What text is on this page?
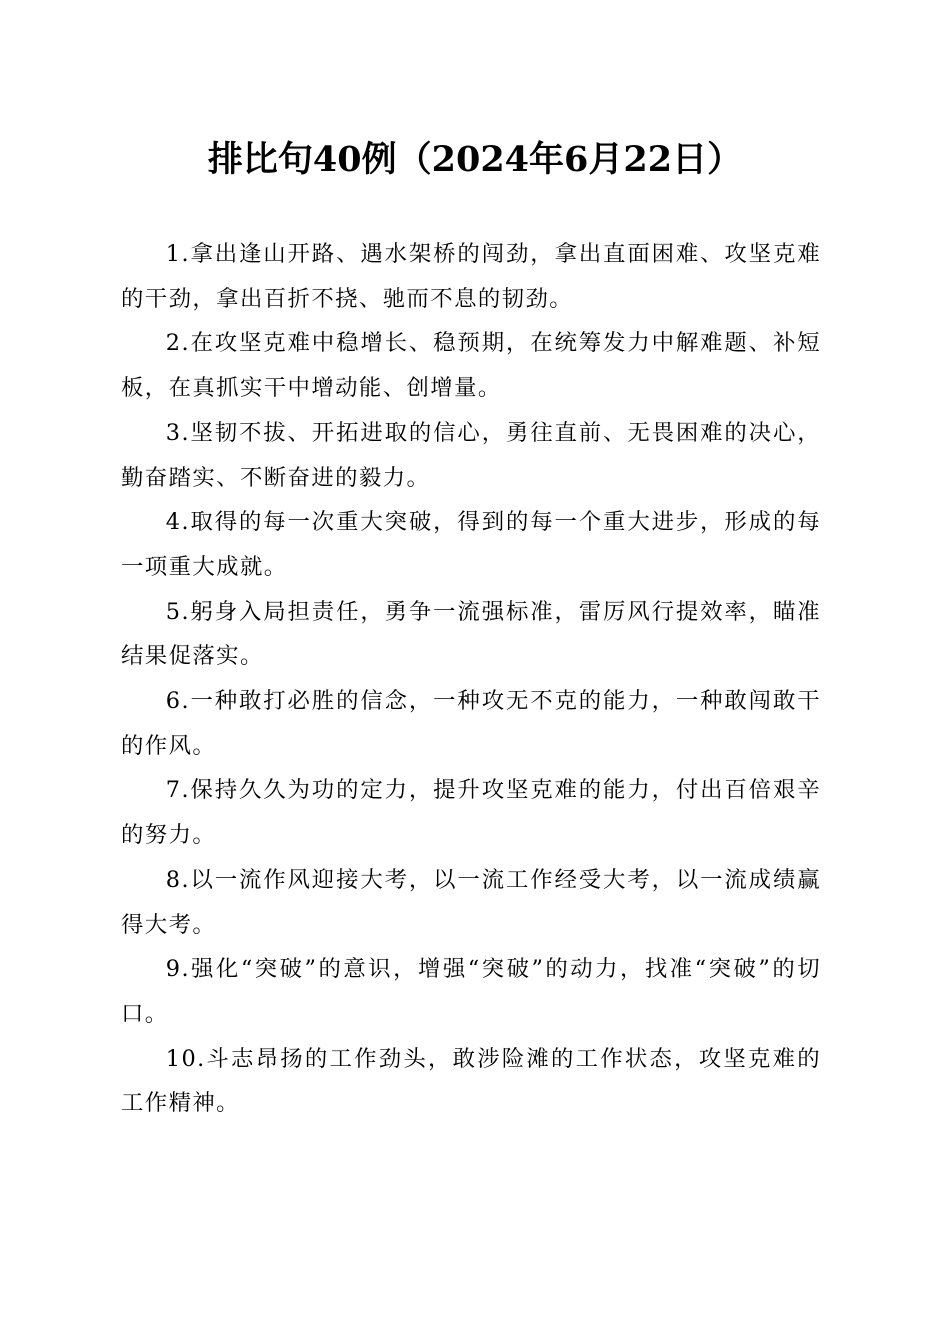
排比句40例（2024年6月22日）

1.拿出逢山开路、遇水架桥的闯劲，拿出直面困难、攻坚克难的干劲，拿出百折不挠、驰而不息的韧劲。

2.在攻坚克难中稳增长、稳预期，在统筹发力中解难题、补短板，在真抓实干中增动能、创增量。

3.坚韧不拔、开拓进取的信心，勇往直前、无畏困难的决心，勤奋踏实、不断奋进的毅力。

4.取得的每一次重大突破，得到的每一个重大进步，形成的每一项重大成就。

5.躬身入局担责任，勇争一流强标准，雷厉风行提效率，瞄准结果促落实。

6.一种敢打必胜的信念，一种攻无不克的能力，一种敢闯敢干的作风。

7.保持久久为功的定力，提升攻坚克难的能力，付出百倍艰辛的努力。

8.以一流作风迎接大考，以一流工作经受大考，以一流成绩赢得大考。

9.强化“突破”的意识，增强“突破”的动力，找准“突破”的切口。

10.斗志昂扬的工作劲头，敢涉险滩的工作状态，攻坚克难的工作精神。
